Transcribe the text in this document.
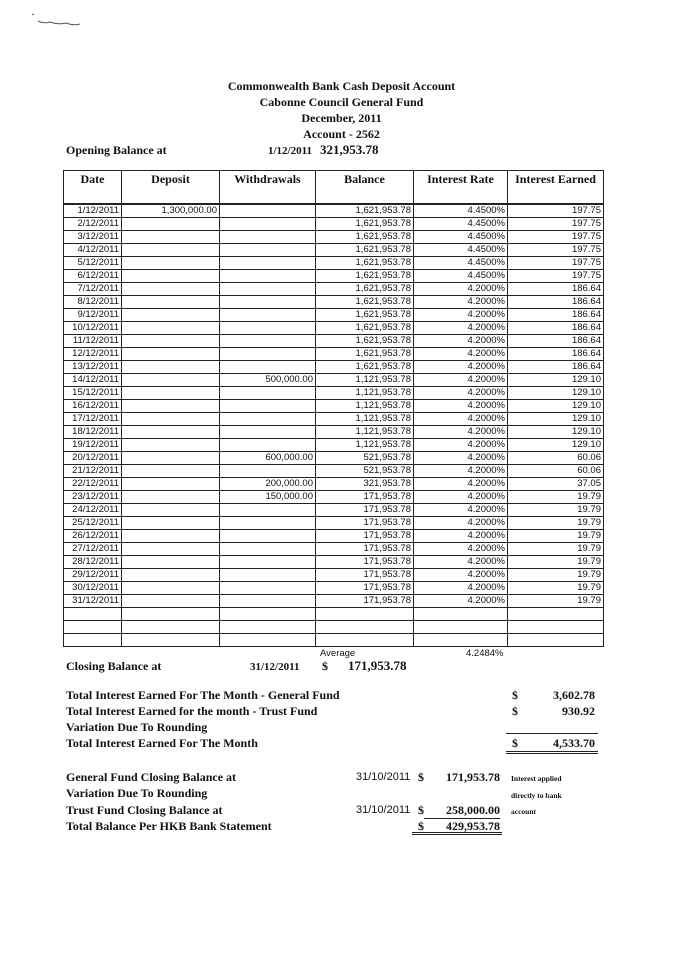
Commonwealth Bank Cash Deposit Account
Cabonne Council General Fund
December, 2011
Account - 2562
Opening Balance at	1/12/2011 321,953.78
Date	Deposit	Withdrawals	Balance	Interest Rate	Interest Earned
1/12/2011	1,300,000.00		1,621,953.78	4.4500%	197.75
2/12/2011			1,621,953.78	4.4500%	197.75
3/12/2011			1,621,953.78	4.4500%	197.75
4/12/2011			1,621,953.78	4.4500%	197.75
5/12/2011			1,621,953.78	4.4500%	197.75
6/12/2011			1,621,953.78	4.4500%	197.75
7/12/2011			1,621,953.78	4.2000%	186.64
8/12/2011			1,621,953.78	4.2000%	186.64
9/12/2011			1,621,953.78	4.2000%	186.64
10/12/2011			1,621,953.78	4.2000%	186.64
11/12/2011			1,621,953.78	4.2000%	186.64
12/12/2011			1,621,953.78	4.2000%	186.64
13/12/2011			1,621,953.78	4.2000%	186.64
14/12/2011		500,000.00	1,121,953.78	4.2000%	129.10
15/12/2011			1,121,953.78	4.2000%	129.10
16/12/2011			1,121,953.78	4.2000%	129.10
17/12/2011			1,121,953.78	4.2000%	129.10
18/12/2011			1,121,953.78	4.2000%	129.10
19/12/2011			1,121,953.78	4.2000%	129.10
20/12/2011		600,000.00	521,953.78	4.2000%	60.06
21/12/2011			521,953.78	4.2000%	60.06
22/12/2011		200,000.00	321,953.78	4.2000%	37.05
23/12/2011		150,000.00	171,953.78	4.2000%	19.79
24/12/2011			171,953.78	4.2000%	19.79
25/12/2011			171,953.78	4.2000%	19.79
26/12/2011			171,953.78	4.2000%	19.79
27/12/2011			171,953.78	4.2000%	19.79
28/12/2011			171,953.78	4.2000%	19.79
29/12/2011			171,953.78	4.2000%	19.79
30/12/2011			171,953.78	4.2000%	19.79
31/12/2011			171,953.78	4.2000%	19.79

Average	4.2484%
Closing Balance at	31/12/2011 $ 171,953.78
Total Interest Earned For The Month - General Fund	$	3,602.78
Total Interest Earned for the month - Trust Fund	$	930.92
Variation Due To Rounding
Total Interest Earned For The Month	$	4,533.70
General Fund Closing Balance at	31/10/2011 $	171,953.78
Variation Due To Rounding
Trust Fund Closing Balance at	31/10/2011 $	258,000.00
Total Balance Per HKB Bank Statement	$	429,953.78
Interest applied
directly to bank
account
